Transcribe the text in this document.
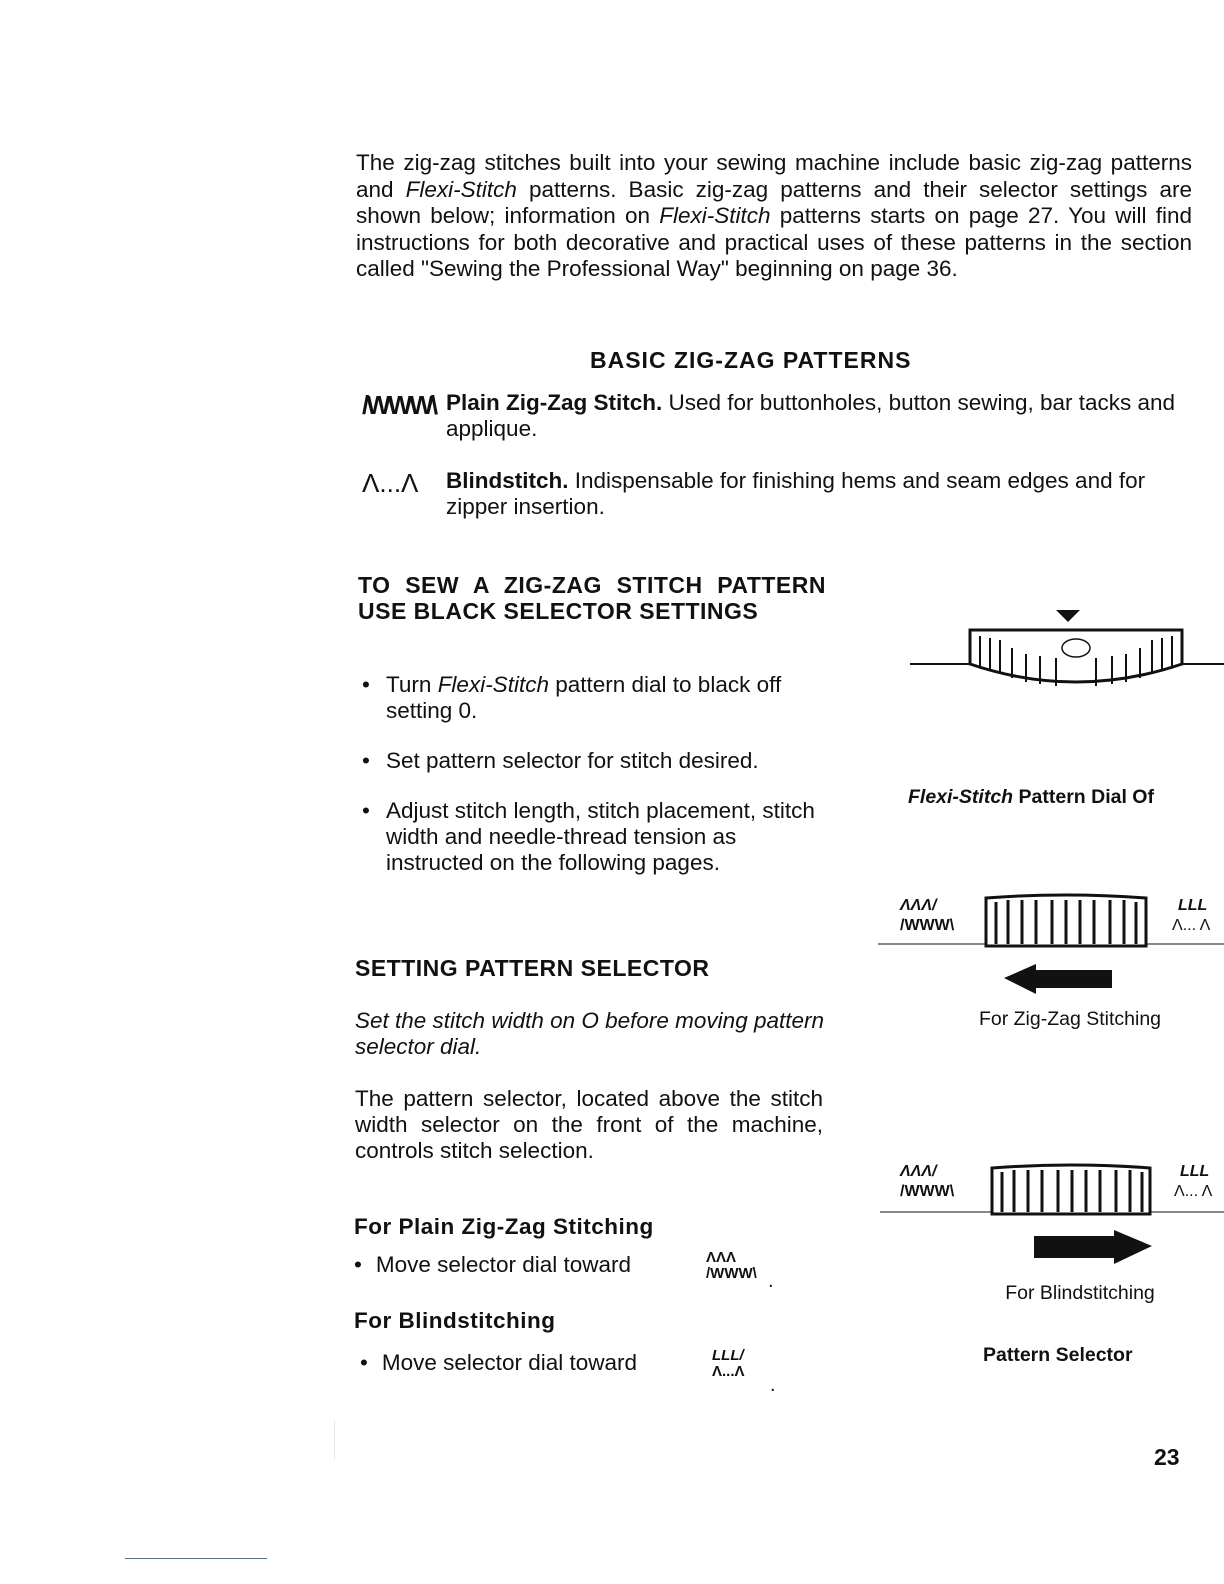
The zig-zag stitches built into your sewing machine include basic zig-zag patterns and Flexi-Stitch patterns. Basic zig-zag patterns and their selector settings are shown below; information on Flexi-Stitch patterns starts on page 27. You will find instructions for both decorative and practical uses of these patterns in the section called "Sewing the Professional Way" beginning on page 36.

BASIC ZIG-ZAG PATTERNS
/WWW\ Plain Zig-Zag Stitch. Used for buttonholes, button sewing, bar tacks and applique.
Λ...Λ Blindstitch. Indispensable for finishing hems and seam edges and for zipper insertion.
TO SEW A ZIG-ZAG STITCH PATTERN USE BLACK SELECTOR SETTINGS
• Turn Flexi-Stitch pattern dial to black off setting 0.
• Set pattern selector for stitch desired.
• Adjust stitch length, stitch placement, stitch width and needle-thread tension as instructed on the following pages.
SETTING PATTERN SELECTOR
Set the stitch width on O before moving pattern selector dial.
The pattern selector, located above the stitch width selector on the front of the machine, controls stitch selection.
For Plain Zig-Zag Stitching
• Move selector dial toward	ΛΛΛ
/WWW\ .
For Blindstitching
• Move selector dial toward	LLL/
Λ...Λ
.
Flexi-Stitch Pattern Dial Of
ΛΛΛ/
/WWW\
LLL
Λ... Λ
For Zig-Zag Stitching
ΛΛΛ/
/WWW\
LLL
Λ... Λ
For Blindstitching
Pattern Selector
23
